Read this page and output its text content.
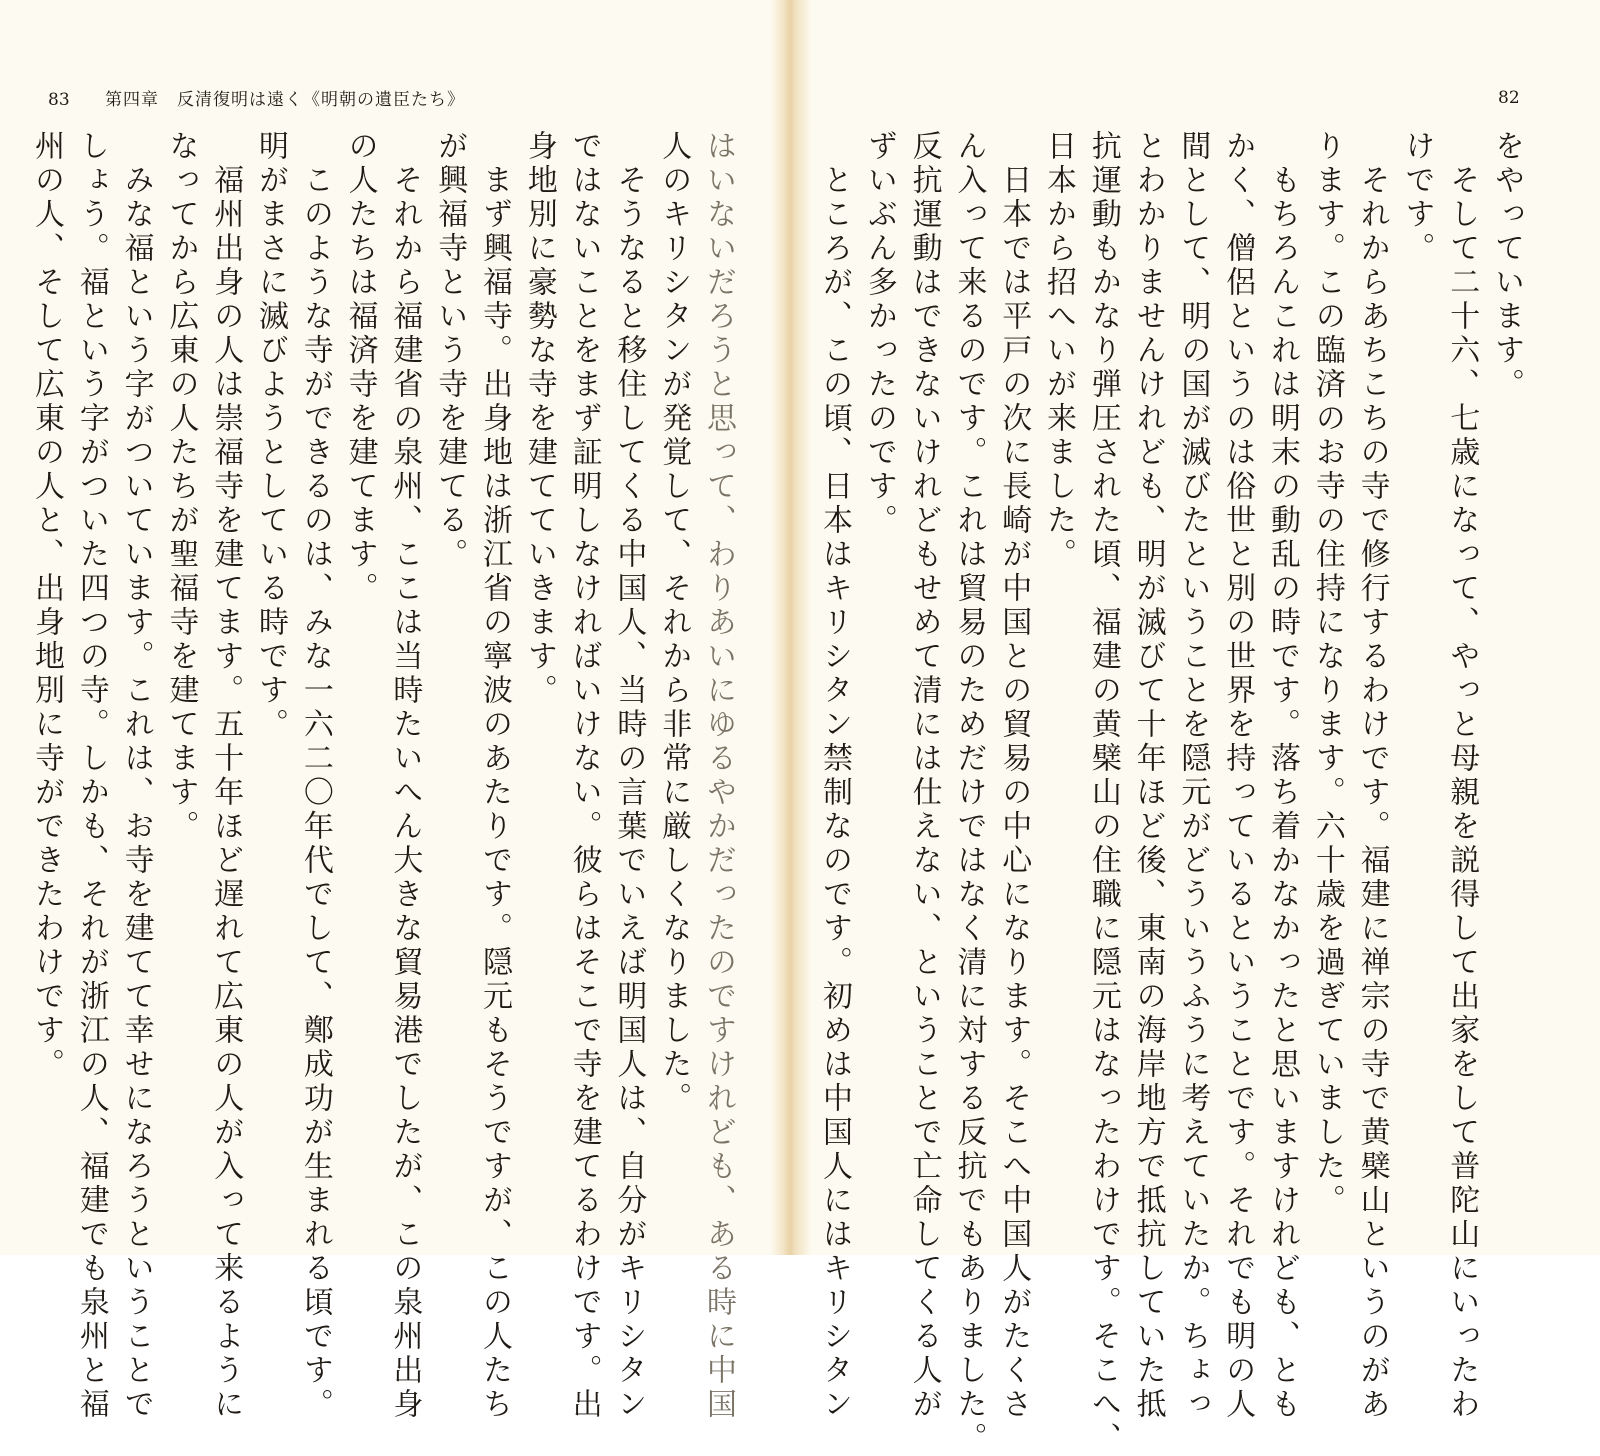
83 第四章　反清復明は遠く《明朝の遺臣たち》	82
をやっています。
　そして二十六、七歳になって、やっと母親を説得して出家をして普陀山にいったわ
けです。
　それからあちこちの寺で修行するわけです。福建に禅宗の寺で黄檗山というのがあ
ります。この臨済のお寺の住持になります。六十歳を過ぎていました。
　もちろんこれは明末の動乱の時です。落ち着かなかったと思いますけれども、とも
かく、僧侶というのは俗世と別の世界を持っているということです。それでも明の人
間として、明の国が滅びたということを隠元がどういうふうに考えていたか。ちょっ
とわかりませんけれども、明が滅びて十年ほど後、東南の海岸地方で抵抗していた抵
抗運動もかなり弾圧された頃、福建の黄檗山の住職に隠元はなったわけです。そこへ、
日本から招へいが来ました。
　日本では平戸の次に長崎が中国との貿易の中心になります。そこへ中国人がたくさ
ん入って来るのです。これは貿易のためだけではなく清に対する反抗でもありました。
反抗運動はできないけれどもせめて清には仕えない、ということで亡命してくる人が
ずいぶん多かったのです。
　ところが、この頃、日本はキリシタン禁制なのです。初めは中国人にはキリシタン
はいないだろうと思って、わりあいにゆるやかだったのですけれども、ある時に中国
人のキリシタンが発覚して、それから非常に厳しくなりました。
　そうなると移住してくる中国人、当時の言葉でいえば明国人は、自分がキリシタン
ではないことをまず証明しなければいけない。彼らはそこで寺を建てるわけです。出
身地別に豪勢な寺を建てていきます。
　まず興福寺。出身地は浙江省の寧波のあたりです。隠元もそうですが、この人たち
が興福寺という寺を建てる。
　それから福建省の泉州、ここは当時たいへん大きな貿易港でしたが、この泉州出身
の人たちは福済寺を建てます。
　このような寺ができるのは、みな一六二〇年代でして、鄭成功が生まれる頃です。
明がまさに滅びようとしている時です。
　福州出身の人は崇福寺を建てます。五十年ほど遅れて広東の人が入って来るように
なってから広東の人たちが聖福寺を建てます。
　みな福という字がついています。これは、お寺を建てて幸せになろうということで
しょう。福という字がついた四つの寺。しかも、それが浙江の人、福建でも泉州と福
州の人、そして広東の人と、出身地別に寺ができたわけです。
